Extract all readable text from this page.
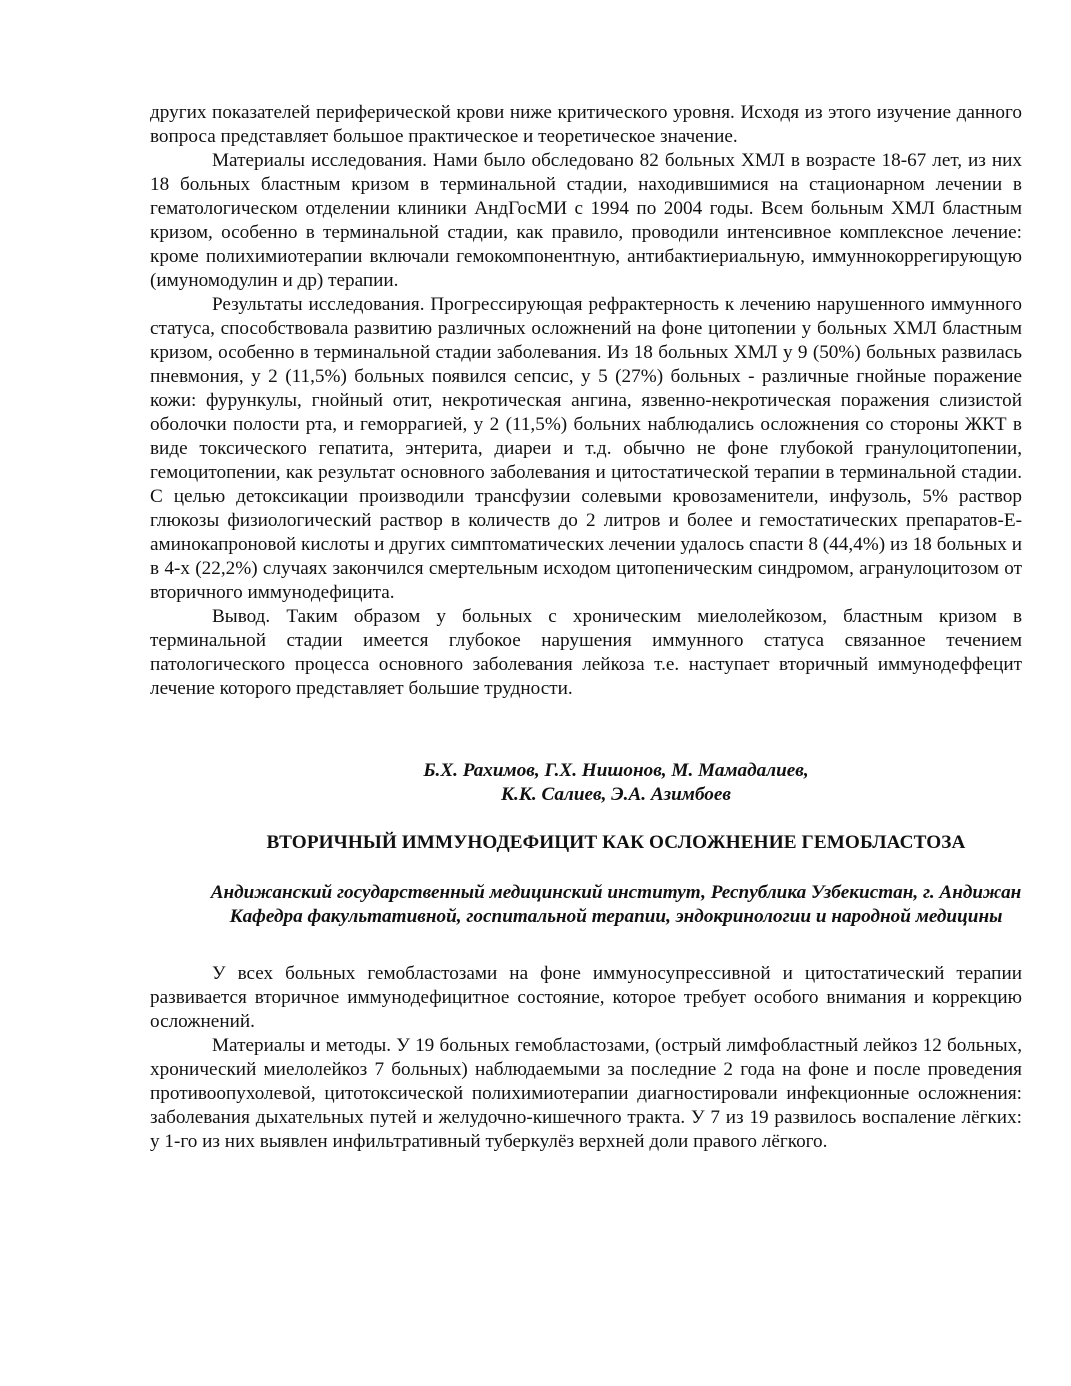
других показателей периферической крови ниже критического уровня. Исходя из этого изучение данного вопроса представляет большое практическое и теоретическое значение.

Материалы исследования. Нами было обследовано 82 больных ХМЛ в возрасте 18-67 лет, из них 18 больных бластным кризом в терминальной стадии, находившимися на стационарном лечении в гематологическом отделении клиники АндГосМИ с 1994 по 2004 годы. Всем больным ХМЛ бластным кризом, особенно в терминальной стадии, как правило, проводили интенсивное комплексное лечение: кроме полихимиотерапии включали гемокомпонентную, антибактиериальную, иммуннокоррегирующую (имуномодулин и др) терапии.

Результаты исследования. Прогрессирующая рефрактерность к лечению нарушенного иммунного статуса, способствовала развитию различных осложнений на фоне цитопении у больных ХМЛ бластным кризом, особенно в терминальной стадии заболевания. Из 18 больных ХМЛ у 9 (50%) больных развилась пневмония, у 2 (11,5%) больных появился сепсис, у 5 (27%) больных - различные гнойные поражение кожи: фурункулы, гнойный отит, некротическая ангина, язвенно-некротическая поражения слизистой оболочки полости рта, и геморрагией, у 2 (11,5%) больних наблюдались осложнения со стороны ЖКТ в виде токсического гепатита, энтерита, диареи и т.д. обычно не фоне глубокой гранулоцитопении, гемоцитопении, как результат основного заболевания и цитостатической терапии в терминальной стадии. С целью детоксикации производили трансфузии солевыми кровозаменители, инфузоль, 5% раствор глюкозы физиологический раствор в количеств до 2 литров и более и гемостатических препаратов-Е-аминокапроновой кислоты и других симптоматических лечении удалось спасти 8 (44,4%) из 18 больных и в 4-х (22,2%) случаях закончился смертельным исходом цитопеническим синдромом, агранулоцитозом от вторичного иммунодефицита.

Вывод. Таким образом у больных с хроническим миелолейкозом, бластным кризом в терминальной стадии имеется глубокое нарушения иммунного статуса связанное течением патологического процесса основного заболевания лейкоза т.е. наступает вторичный иммунодеффецит лечение которого представляет большие трудности.

Б.Х. Рахимов, Г.Х. Нишонов, М. Мамадалиев,
К.К. Салиев, Э.А. Азимбоев
ВТОРИЧНЫЙ ИММУНОДЕФИЦИТ КАК ОСЛОЖНЕНИЕ ГЕМОБЛАСТОЗА
Андижанский государственный медицинский институт, Республика Узбекистан, г. Андижан
Кафедра факультативной, госпитальной терапии, эндокринологии и народной медицины

У всех больных гемобластозами на фоне иммуносупрессивной и цитостатический терапии развивается вторичное иммунодефицитное состояние, которое требует особого внимания и коррекцию осложнений.

Материалы и методы. У 19 больных гемобластозами, (острый лимфобластный лейкоз 12 больных, хронический миелолейкоз 7 больных) наблюдаемыми за последние 2 года на фоне и после проведения противоопухолевой, цитотоксической полихимиотерапии диагностировали инфекционные осложнения: заболевания дыхательных путей и желудочно-кишечного тракта. У 7 из 19 развилось воспаление лёгких: у 1-го из них выявлен инфильтративный туберкулёз верхней доли правого лёгкого.
